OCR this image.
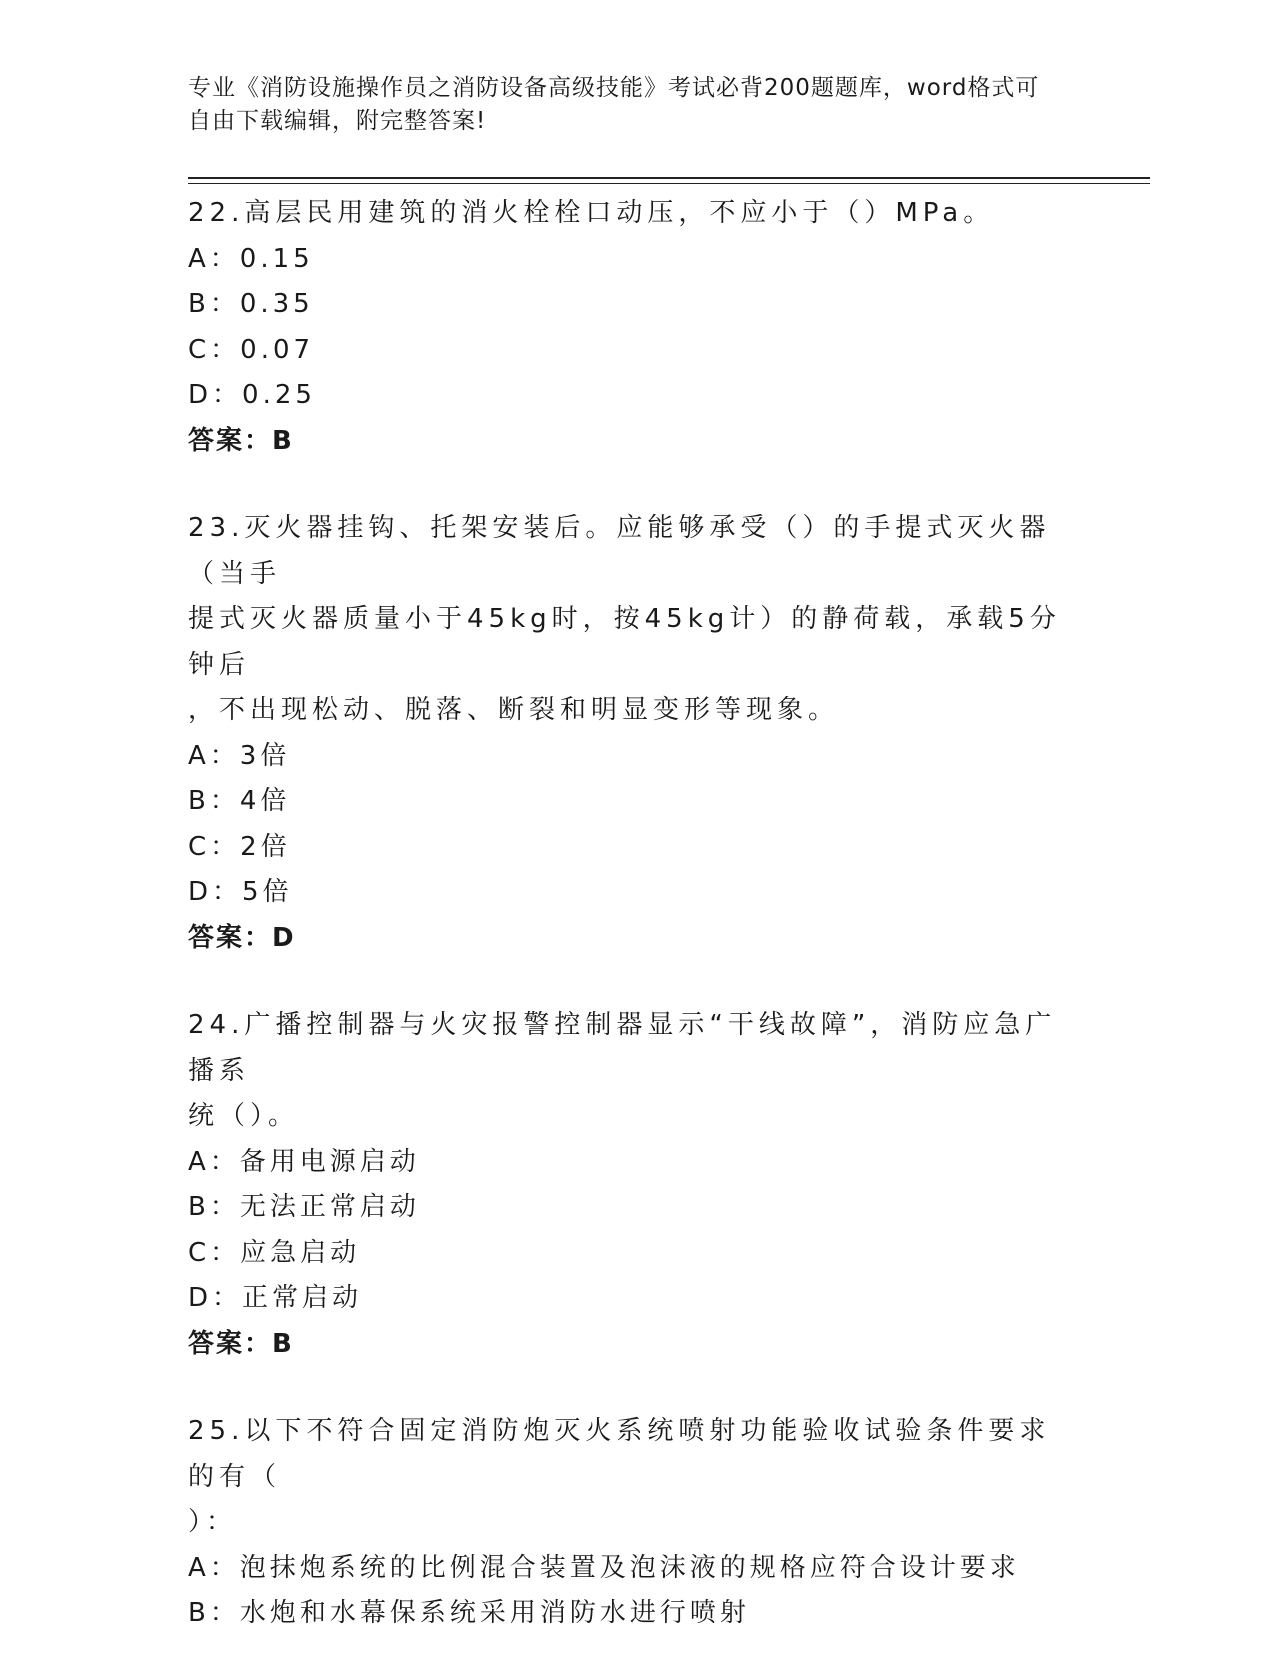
专业《消防设施操作员之消防设备高级技能》考试必背200题题库，word格式可
自由下载编辑，附完整答案!
22.高层民用建筑的消火栓栓口动压，不应小于（）MPa。
A：0.15
B：0.35
C：0.07
D：0.25
答案：B
23.灭火器挂钩、托架安装后。应能够承受（）的手提式灭火器（当手
提式灭火器质量小于45kg时，按45kg计）的静荷载，承载5分钟后
，不出现松动、脱落、断裂和明显变形等现象。
A：3倍
B：4倍
C：2倍
D：5倍
答案：D
24.广播控制器与火灾报警控制器显示“干线故障”，消防应急广播系
统（）。
A：备用电源启动
B：无法正常启动
C：应急启动
D：正常启动
答案：B
25.以下不符合固定消防炮灭火系统喷射功能验收试验条件要求的有（
）：
A：泡抹炮系统的比例混合装置及泡沫液的规格应符合设计要求
B：水炮和水幕保系统采用消防水进行喷射
